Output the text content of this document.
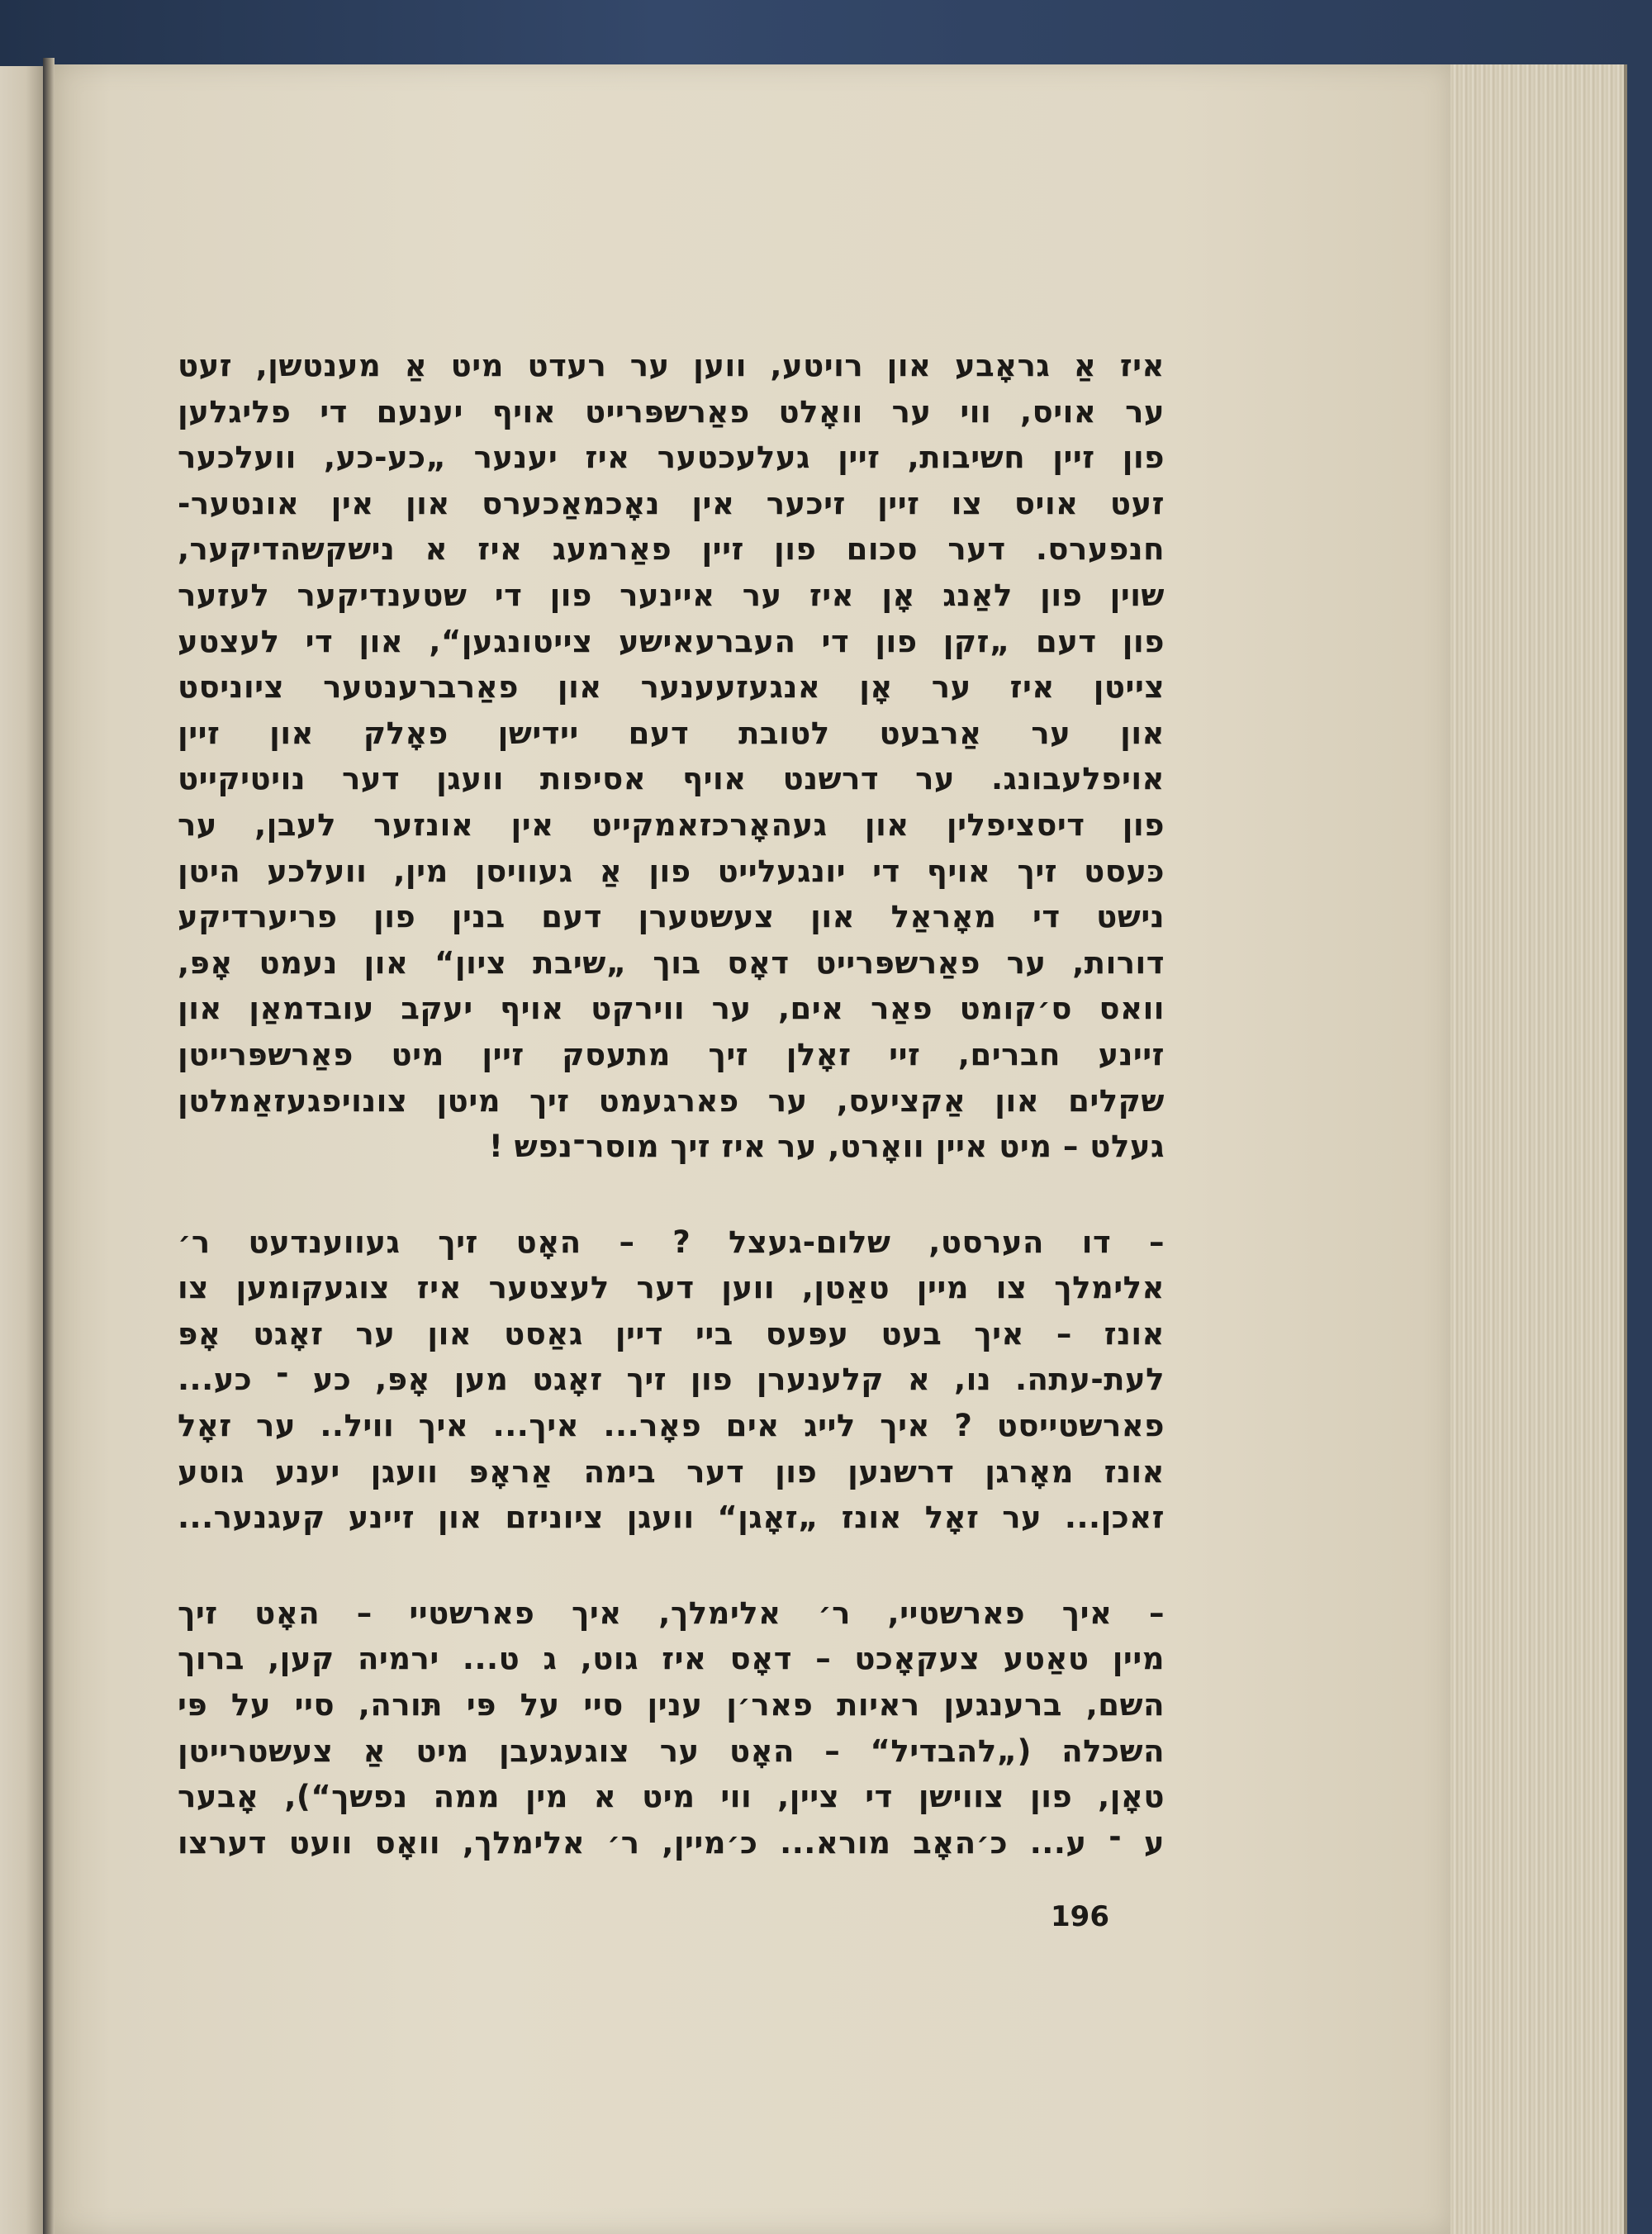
איז אַ גראָבע און רויטע, ווען ער רעדט מיט אַ מענטשן, זעט
ער אויס, ווי ער וואָלט פאַרשפּרייט אויף יענעם די פליגלען
פון זיין חשיבות, זיין געלעכטער איז יענער „כע-כע, וועלכער
זעט אויס צו זיין זיכער אין נאָכמאַכערס און אין אונטער-
חנפערס. דער סכום פון זיין פאַרמעג איז א נישקשהדיקער,
שוין פון לאַנג אָן איז ער איינער פון די שטענדיקער לעזער
פון דעם „זקן פון די העברעאישע צייטונגען“, און די לעצטע
צייטן איז ער אָן אנגעזעענער און פאַרברענטער ציוניסט
און ער אַרבעט לטובת דעם יידישן פאָלק און זיין
אויפלעבונג. ער דרשנט אויף אסיפות וועגן דער נויטיקייט
פון דיסציפלין און געהאָרכזאמקייט אין אונזער לעבן, ער
כּעסט זיך אויף די יונגעלייט פון אַ געוויסן מין, וועלכע היטן
נישט די מאָראַל און צעשטערן דעם בנין פון פריערדיקע
דורות, ער פאַרשפּרייט דאָס בוך „שיבת ציון“ און נעמט אָפּ,
וואס ס׳קומט פאַר אים, ער ווירקט אויף יעקב עובדמאַן און
זיינע חברים, זיי זאָלן זיך מתעסק זיין מיט פאַרשפּרייטן
שקלים און אַקציעס, ער פארגעמט זיך מיטן צונויפגעזאַמלטן
געלט – מיט איין וואָרט, ער איז זיך מוסר־נפש !
– דו הערסט, שלום-געצל ? – האָט זיך געווענדעט ר׳
אלימלך צו מיין טאַטן, ווען דער לעצטער איז צוגעקומען צו
אונז – איך בעט עפּעס ביי דיין גאַסט און ער זאָגט אָפּ
לעת-עתה. נו, א קלענערן פון זיך זאָגט מען אָפּ, כע ־ כע...
פארשטייסט ? איך לייג אים פאָר... איך... איך וויל.. ער זאָל
אונז מאָרגן דרשנען פון דער בימה אַראָפּ וועגן יענע גוטע
זאכן... ער זאָל אונז „זאָגן“ וועגן ציוניזם און זיינע קעגנער...
– איך פארשטיי, ר׳ אלימלך, איך פארשטיי – האָט זיך
מיין טאַטע צעקאָכט – דאָס איז גוט, ג ט... ירמיה קען, ברוך
השם, ברענגען ראיות פאר׳ן ענין סיי על פּי תּורה, סיי על פּי
השכלה („להבדיל“ – האָט ער צוגעגעבן מיט אַ צעשטרייטן
טאָן, פון צווישן די ציין, ווי מיט א מין ממה נפשך“), אָבער
ע ־ ע... כ׳האָב מורא... כ׳מיין, ר׳ אלימלך, וואָס וועט דערצו
196
